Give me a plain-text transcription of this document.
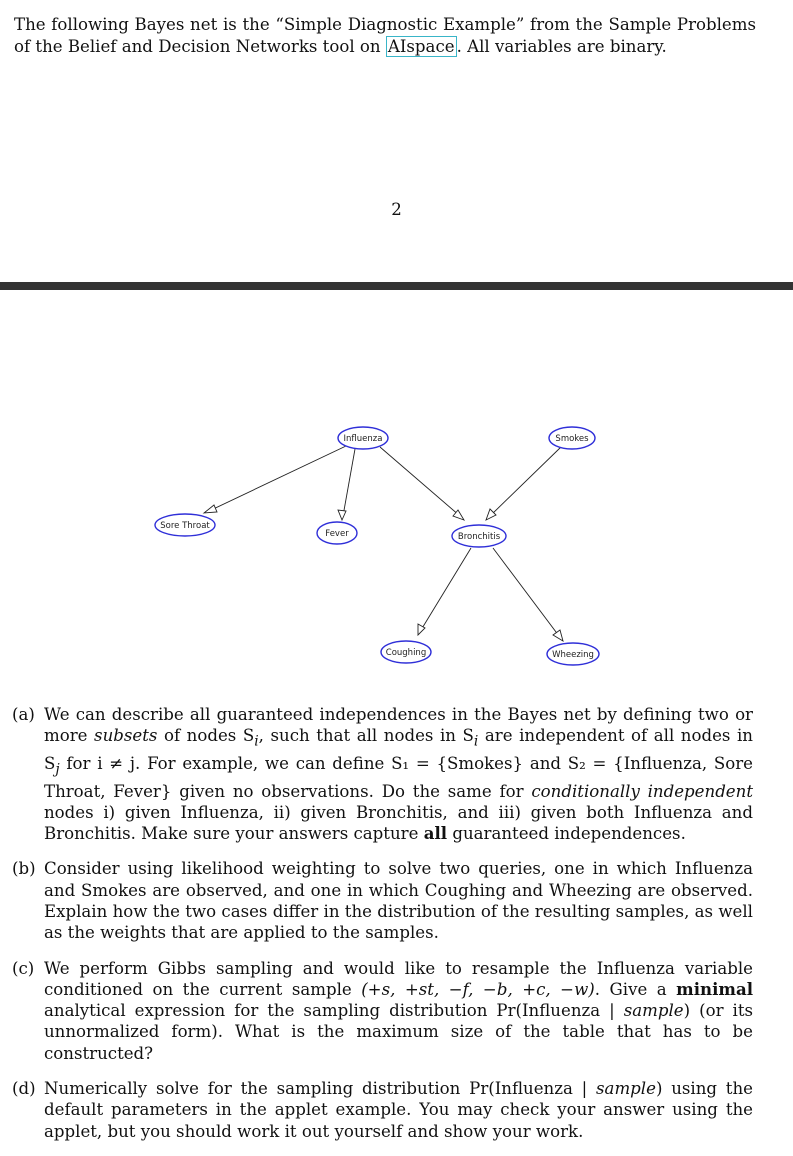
The following Bayes net is the “Simple Diagnostic Example” from the Sample Problems of the Belief and Decision Networks tool on AIspace . All variables are binary.
2
Influenza	Smokes
Sore Throat
Fever	Bronchitis
Coughing	Wheezing
(a) We can describe all guaranteed independences in the Bayes net by defining two or more subsets of nodes $S_i$, such that all nodes in $S_i$ are independent of all nodes in $S_j$ for i ≠ j. For example, we can define S₁ = {Smokes} and S₂ = {Influenza, Sore Throat, Fever} given no observations. Do the same for conditionally independent nodes i) given Influenza, ii) given Bronchitis, and iii) given both Influenza and Bronchitis. Make sure your answers capture all guaranteed independences.
(b) Consider using likelihood weighting to solve two queries, one in which Influenza and Smokes are observed, and one in which Coughing and Wheezing are observed. Explain how the two cases differ in the distribution of the resulting samples, as well as the weights that are applied to the samples.
(c) We perform Gibbs sampling and would like to resample the Influenza variable conditioned on the current sample (+s, +st, −f, −b, +c, −w). Give a minimal analytical expression for the sampling distribution Pr(Influenza | sample) (or its unnormalized form). What is the maximum size of the table that has to be constructed?
(d) Numerically solve for the sampling distribution Pr(Influenza | sample) using the default parameters in the applet example. You may check your answer using the applet, but you should work it out yourself and show your work.
